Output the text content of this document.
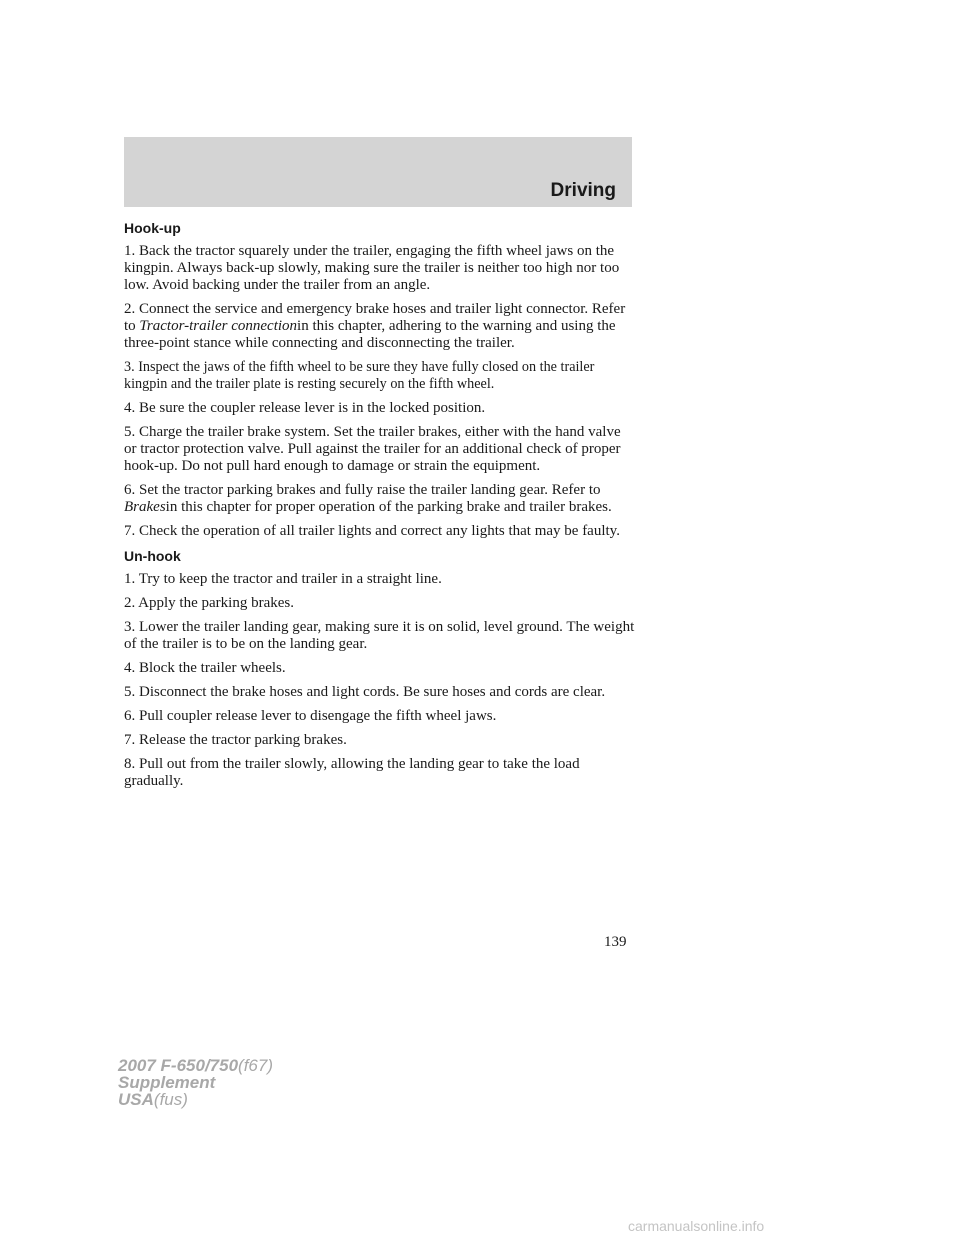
Driving
Hook-up

1. Back the tractor squarely under the trailer, engaging the fifth wheel jaws on the kingpin. Always back-up slowly, making sure the trailer is neither too high nor too low. Avoid backing under the trailer from an angle.

2. Connect the service and emergency brake hoses and trailer light connector. Refer to Tractor-trailer connectionin this chapter, adhering to the warning and using the three-point stance while connecting and disconnecting the trailer.

3. Inspect the jaws of the fifth wheel to be sure they have fully closed on the trailer kingpin and the trailer plate is resting securely on the fifth wheel.

4. Be sure the coupler release lever is in the locked position.

5. Charge the trailer brake system. Set the trailer brakes, either with the hand valve or tractor protection valve. Pull against the trailer for an additional check of proper hook-up. Do not pull hard enough to damage or strain the equipment.

6. Set the tractor parking brakes and fully raise the trailer landing gear. Refer to Brakesin this chapter for proper operation of the parking brake and trailer brakes.

7. Check the operation of all trailer lights and correct any lights that may be faulty.

Un-hook

1. Try to keep the tractor and trailer in a straight line.

2. Apply the parking brakes.

3. Lower the trailer landing gear, making sure it is on solid, level ground. The weight of the trailer is to be on the landing gear.

4. Block the trailer wheels.

5. Disconnect the brake hoses and light cords. Be sure hoses and cords are clear.

6. Pull coupler release lever to disengage the fifth wheel jaws.

7. Release the tractor parking brakes.

8. Pull out from the trailer slowly, allowing the landing gear to take the load gradually.

139
2007 F-650/750(f67)
Supplement
USA(fus)
carmanualsonline.info
